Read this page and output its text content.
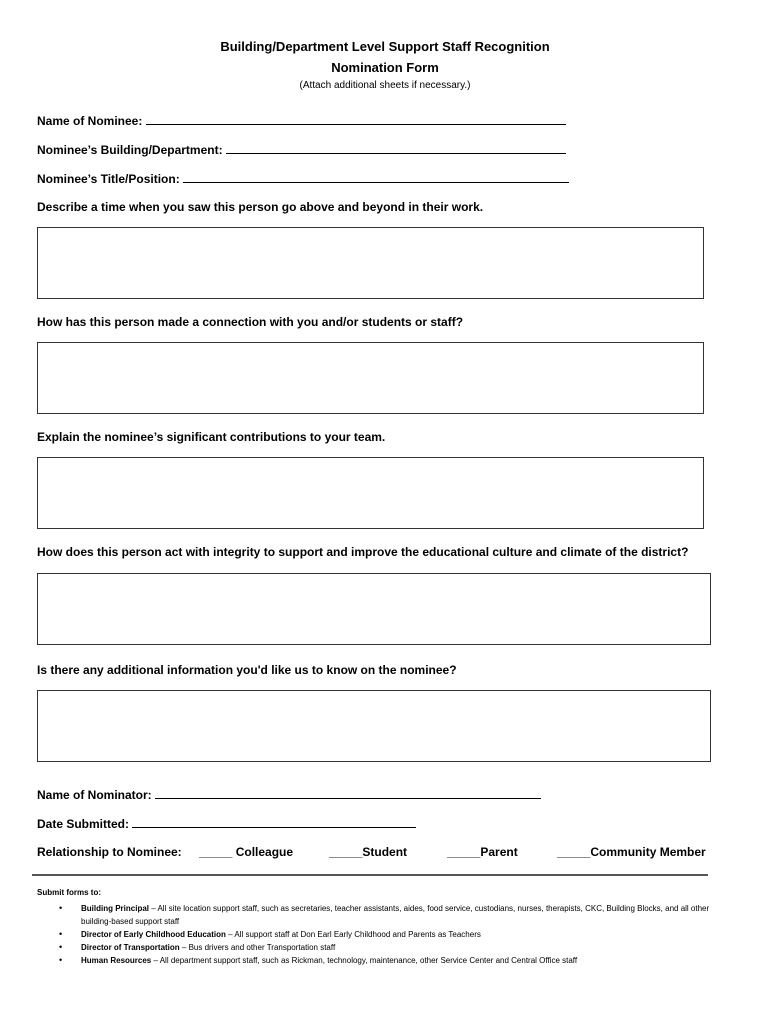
Building/Department Level Support Staff Recognition
Nomination Form
(Attach additional sheets if necessary.)
Name of Nominee:
Nominee’s Building/Department:
Nominee’s Title/Position:
Describe a time when you saw this person go above and beyond in their work.
How has this person made a connection with you and/or students or staff?
Explain the nominee’s significant contributions to your team.
How does this person act with integrity to support and improve the educational culture and climate of the district?
Is there any additional information you'd like us to know on the nominee?
Name of Nominator:
Date Submitted:
Relationship to Nominee: _____ Colleague	_____Student	_____Parent	_____Community Member
Submit forms to:
• Building Principal – All site location support staff, such as secretaries, teacher assistants, aides, food service, custodians, nurses, therapists, CKC, Building Blocks, and all other building-based support staff
• Director of Early Childhood Education – All support staff at Don Earl Early Childhood and Parents as Teachers
• Director of Transportation – Bus drivers and other Transportation staff
• Human Resources – All department support staff, such as Rickman, technology, maintenance, other Service Center and Central Office staff
